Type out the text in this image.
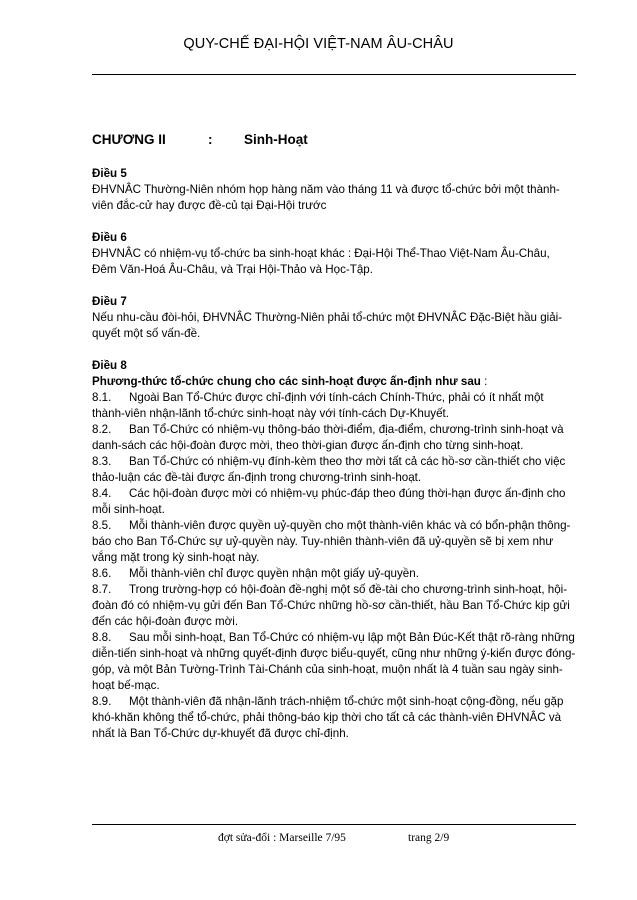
QUY-CHẾ ĐẠI-HỘI VIỆT-NAM ÂU-CHÂU
CHƯƠNG II	: Sinh-Hoạt
Điều 5

ĐHVNÂC Thường-Niên nhóm họp hàng năm vào tháng 11 và được tổ-chức bởi một thành-viên đắc-cử hay được đề-củ tại Đại-Hội trước

Điều 6

ĐHVNÂC có nhiệm-vụ tổ-chức ba sinh-hoạt khác : Đại-Hội Thể-Thao Việt-Nam Âu-Châu, Đêm Văn-Hoá Âu-Châu, và Trại Hội-Thảo và Học-Tập.

Điều 7

Nếu nhu-cầu đòi-hỏi, ĐHVNÂC Thường-Niên phải tổ-chức một ĐHVNÂC Đặc-Biệt hầu giải-quyết một số vấn-đề.

Điều 8
Phương-thức tổ-chức chung cho các sinh-hoạt được ấn-định như sau :

8.1. Ngoài Ban Tổ-Chức được chỉ-định với tính-cách Chính-Thức, phải có ít nhất một thành-viên nhận-lãnh tổ-chức sinh-hoạt này với tính-cách Dự-Khuyết.

8.2. Ban Tổ-Chức có nhiệm-vụ thông-báo thời-điểm, địa-điểm, chương-trình sinh-hoạt và danh-sách các hội-đoàn được mời, theo thời-gian được ấn-định cho từng sinh-hoạt.

8.3. Ban Tổ-Chức có nhiệm-vụ đính-kèm theo thơ mời tất cả các hồ-sơ cần-thiết cho việc thảo-luận các đề-tài được ấn-định trong chương-trình sinh-hoạt.

8.4. Các hội-đoàn được mời có nhiệm-vụ phúc-đáp theo đúng thời-hạn được ấn-định cho mỗi sinh-hoạt.

8.5. Mỗi thành-viên được quyền uỷ-quyền cho một thành-viên khác và có bổn-phận thông-báo cho Ban Tổ-Chức sự uỷ-quyền này. Tuy-nhiên thành-viên đã uỷ-quyền sẽ bị xem như vắng mặt trong kỳ sinh-hoạt này.

8.6. Mỗi thành-viên chỉ được quyền nhận một giấy uỷ-quyền.

8.7. Trong trường-hợp có hội-đoàn đề-nghị một số đề-tài cho chương-trình sinh-hoạt, hội-đoàn đó có nhiệm-vụ gửi đến Ban Tổ-Chức những hồ-sơ cần-thiết, hầu Ban Tổ-Chức kịp gửi đến các hội-đoàn được mời.

8.8. Sau mỗi sinh-hoạt, Ban Tổ-Chức có nhiệm-vụ lập một Bản Đúc-Kết thật rõ-ràng những diễn-tiến sinh-hoạt và những quyết-định được biểu-quyết, cũng như những ý-kiến được đóng-góp, và một Bản Tường-Trình Tài-Chánh của sinh-hoạt, muộn nhất là 4 tuần sau ngày sinh-hoạt bế-mạc.

8.9. Một thành-viên đã nhận-lãnh trách-nhiệm tổ-chức một sinh-hoạt cộng-đồng, nếu gặp khó-khăn không thể tổ-chức, phải thông-báo kịp thời cho tất cả các thành-viên ĐHVNÂC và nhất là Ban Tổ-Chức dự-khuyết đã được chỉ-định.

đợt sửa-đổi : Marseille 7/95	trang 2/9
